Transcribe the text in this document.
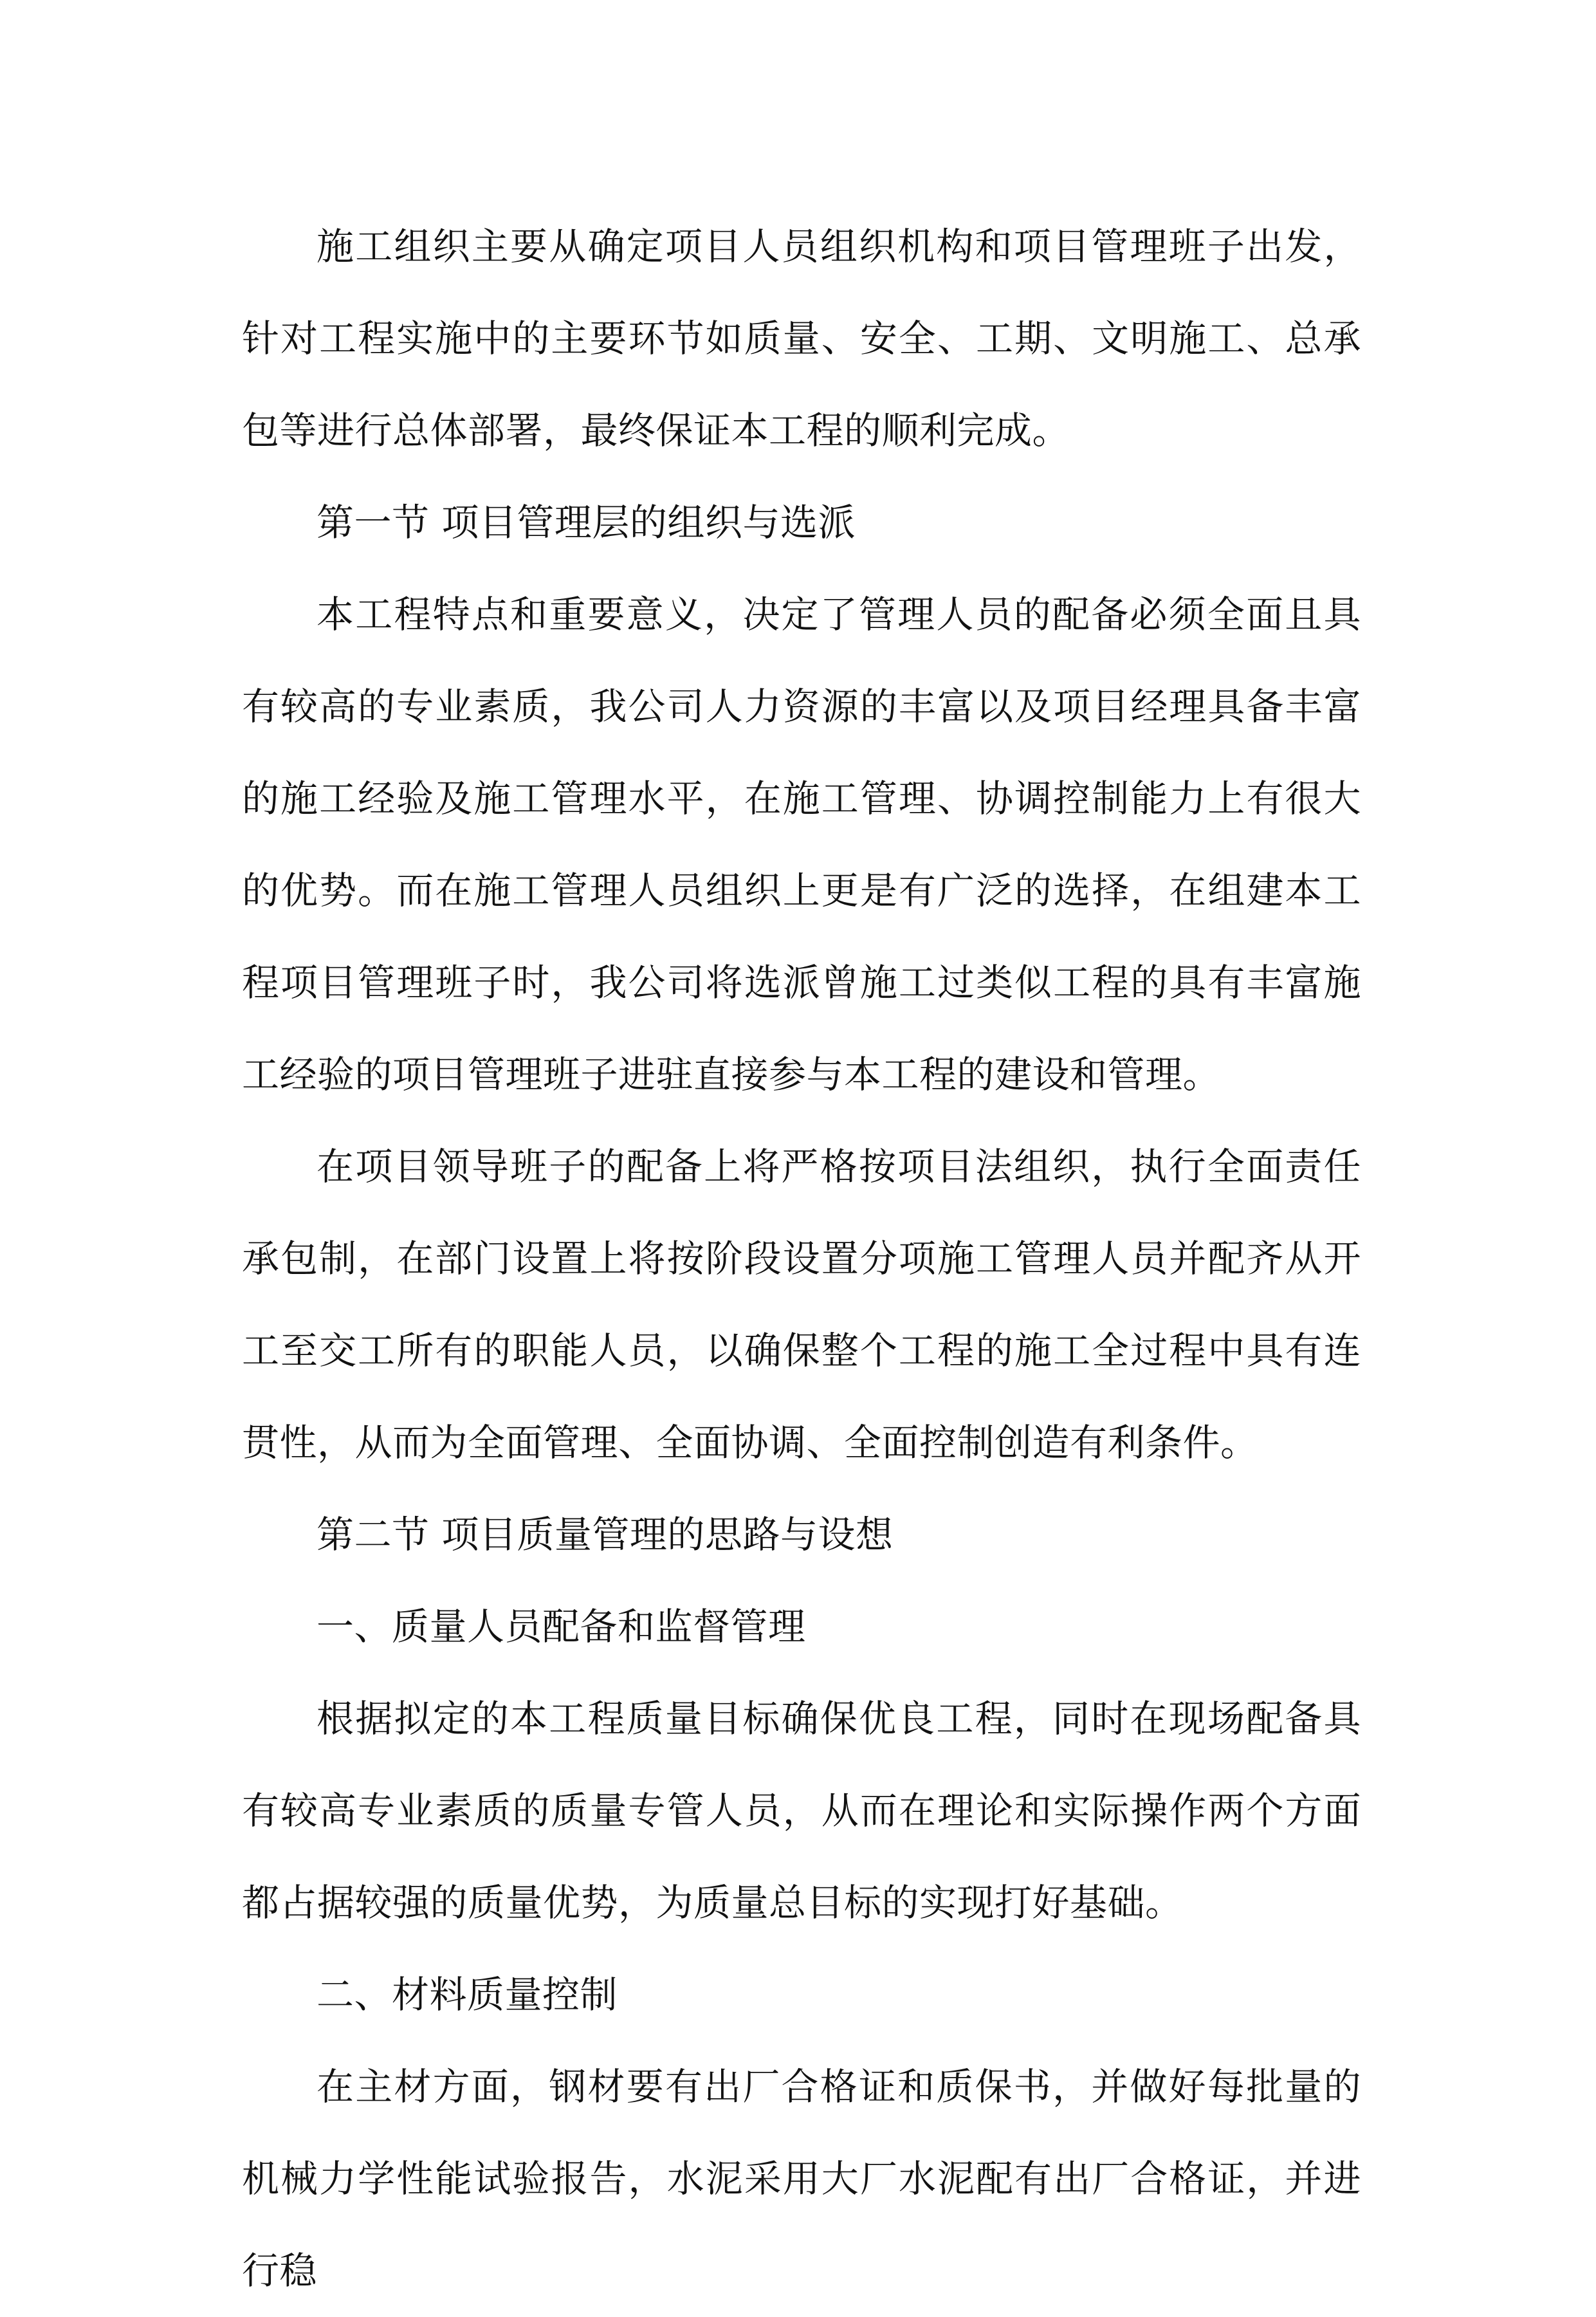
施工组织主要从确定项目人员组织机构和项目管理班子出发，针对工程实施中的主要环节如质量、安全、工期、文明施工、总承包等进行总体部署，最终保证本工程的顺利完成。

第一节 项目管理层的组织与选派

本工程特点和重要意义，决定了管理人员的配备必须全面且具有较高的专业素质，我公司人力资源的丰富以及项目经理具备丰富的施工经验及施工管理水平，在施工管理、协调控制能力上有很大的优势。而在施工管理人员组织上更是有广泛的选择，在组建本工程项目管理班子时，我公司将选派曾施工过类似工程的具有丰富施工经验的项目管理班子进驻直接参与本工程的建设和管理。

在项目领导班子的配备上将严格按项目法组织，执行全面责任承包制，在部门设置上将按阶段设置分项施工管理人员并配齐从开工至交工所有的职能人员，以确保整个工程的施工全过程中具有连贯性，从而为全面管理、全面协调、全面控制创造有利条件。

第二节 项目质量管理的思路与设想

一、质量人员配备和监督管理

根据拟定的本工程质量目标确保优良工程，同时在现场配备具有较高专业素质的质量专管人员，从而在理论和实际操作两个方面都占据较强的质量优势，为质量总目标的实现打好基础。

二、材料质量控制

在主材方面，钢材要有出厂合格证和质保书，并做好每批量的机械力学性能试验报告，水泥采用大厂水泥配有出厂合格证，并进行稳
